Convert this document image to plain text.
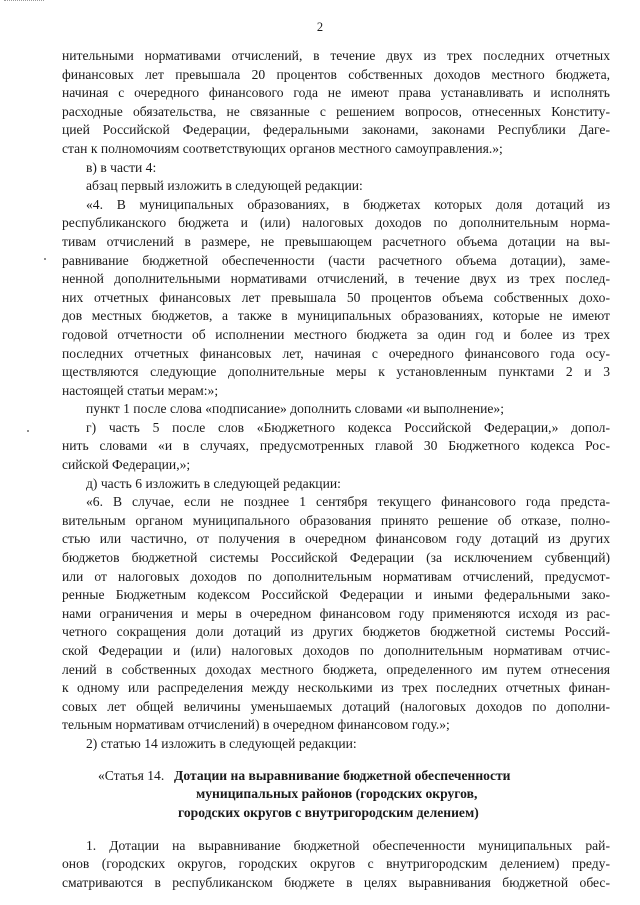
2

нительными нормативами отчислений, в течение двух из трех последних отчетных

финансовых лет превышала 20 процентов собственных доходов местного бюджета,

начиная с очередного финансового года не имеют права устанавливать и исполнять

расходные обязательства, не связанные с решением вопросов, отнесенных Конститу-

цией Российской Федерации, федеральными законами, законами Республики Даге-

стан к полномочиям соответствующих органов местного самоуправления.»;

в) в части 4:

абзац первый изложить в следующей редакции:

«4. В муниципальных образованиях, в бюджетах которых доля дотаций из

республиканского бюджета и (или) налоговых доходов по дополнительным норма-

тивам отчислений в размере, не превышающем расчетного объема дотации на вы-

равнивание бюджетной обеспеченности (части расчетного объема дотации), заме-

ненной дополнительными нормативами отчислений, в течение двух из трех послед-

них отчетных финансовых лет превышала 50 процентов объема собственных дохо-

дов местных бюджетов, а также в муниципальных образованиях, которые не имеют

годовой отчетности об исполнении местного бюджета за один год и более из трех

последних отчетных финансовых лет, начиная с очередного финансового года осу-

ществляются следующие дополнительные меры к установленным пунктами 2 и 3

настоящей статьи мерам:»;

пункт 1 после слова «подписание» дополнить словами «и выполнение»;

г) часть 5 после слов «Бюджетного кодекса Российской Федерации,» допол-

нить словами «и в случаях, предусмотренных главой 30 Бюджетного кодекса Рос-

сийской Федерации,»;

д) часть 6 изложить в следующей редакции:

«6. В случае, если не позднее 1 сентября текущего финансового года предста-

вительным органом муниципального образования принято решение об отказе, полно-

стью или частично, от получения в очередном финансовом году дотаций из других

бюджетов бюджетной системы Российской Федерации (за исключением субвенций)

или от налоговых доходов по дополнительным нормативам отчислений, предусмот-

ренные Бюджетным кодексом Российской Федерации и иными федеральными зако-

нами ограничения и меры в очередном финансовом году применяются исходя из рас-

четного сокращения доли дотаций из других бюджетов бюджетной системы Россий-

ской Федерации и (или) налоговых доходов по дополнительным нормативам отчис-

лений в собственных доходах местного бюджета, определенного им путем отнесения

к одному или распределения между несколькими из трех последних отчетных финан-

совых лет общей величины уменьшаемых дотаций (налоговых доходов по дополни-

тельным нормативам отчислений) в очередном финансовом году.»;

2) статью 14 изложить в следующей редакции:

«Статья 14. Дотации на выравнивание бюджетной обеспеченности
муниципальных районов (городских округов,
городских округов с внутригородским делением)

1. Дотации на выравнивание бюджетной обеспеченности муниципальных рай-

онов (городских округов, городских округов с внутригородским делением) преду-

сматриваются в республиканском бюджете в целях выравнивания бюджетной обес-
